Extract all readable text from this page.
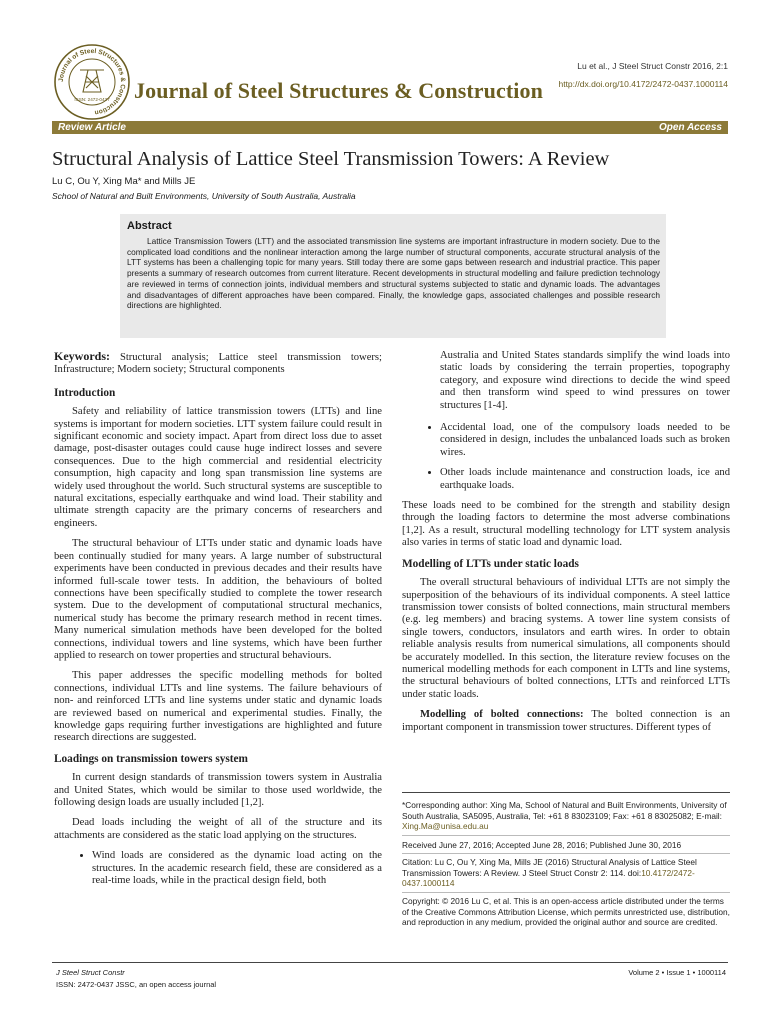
Journal of Steel Structures & Construction
ISSN: 2472-0437 Journal of Steel Structures & Construction
Lu et al., J Steel Struct Constr 2016, 2:1
http://dx.doi.org/10.4172/2472-0437.1000114
Review Article	Open Access
Structural Analysis of Lattice Steel Transmission Towers: A Review
Lu C, Ou Y, Xing Ma* and Mills JE
School of Natural and Built Environments, University of South Australia, Australia
Abstract

Lattice Transmission Towers (LTT) and the associated transmission line systems are important infrastructure in modern society. Due to the complicated load conditions and the nonlinear interaction among the large number of structural components, accurate structural analysis of the LTT systems has been a challenging topic for many years. Still today there are some gaps between research and industrial practice. This paper presents a summary of research outcomes from current literature. Recent developments in structural modelling and failure prediction technology are reviewed in terms of connection joints, individual members and structural systems subjected to static and dynamic loads. The advantages and disadvantages of different approaches have been compared. Finally, the knowledge gaps, associated challenges and possible research directions are highlighted.

Keywords: Structural analysis; Lattice steel transmission towers; Infrastructure; Modern society; Structural components

Introduction

Safety and reliability of lattice transmission towers (LTTs) and line systems is important for modern societies. LTT system failure could result in significant economic and society impact. Apart from direct loss due to asset damage, post-disaster outages could cause huge indirect losses and severe consequences. Due to the high commercial and residential electricity consumption, high capacity and long span transmission line systems are widely used throughout the world. Such structural systems are susceptible to natural excitations, especially earthquake and wind load. Their stability and ultimate strength capacity are the primary concerns of researchers and engineers.

The structural behaviour of LTTs under static and dynamic loads have been continually studied for many years. A large number of substructural experiments have been conducted in previous decades and their results have informed full-scale tower tests. In addition, the behaviours of bolted connections have been specifically studied to complete the tower research system. Due to the development of computational structural mechanics, numerical study has become the primary research method in recent times. Many numerical simulation methods have been developed for the bolted connections, individual towers and line systems, which have been further applied to research on tower properties and structural behaviours.

This paper addresses the specific modelling methods for bolted connections, individual LTTs and line systems. The failure behaviours of non- and reinforced LTTs and line systems under static and dynamic loads are reviewed based on numerical and experimental studies. Finally, the knowledge gaps requiring further investigations are highlighted and future research directions are suggested.

Loadings on transmission towers system

In current design standards of transmission towers system in Australia and United States, which would be similar to those used worldwide, the following design loads are usually included [1,2].

Dead loads including the weight of all of the structure and its attachments are considered as the static load applying on the structures.

• Wind loads are considered as the dynamic load acting on the structures. In the academic research field, these are considered as a real-time loads, while in the practical design field, both
Australia and United States standards simplify the wind loads into static loads by considering the terrain properties, topography category, and exposure wind directions to decide the wind speed and then transform wind speed to wind pressures on tower structures [1-4].
• Accidental load, one of the compulsory loads needed to be considered in design, includes the unbalanced loads such as broken wires.
• Other loads include maintenance and construction loads, ice and earthquake loads.

These loads need to be combined for the strength and stability design through the loading factors to determine the most adverse combinations [1,2]. As a result, structural modelling technology for LTT system analysis also varies in terms of static load and dynamic load.

Modelling of LTTs under static loads

The overall structural behaviours of individual LTTs are not simply the superposition of the behaviours of its individual components. A steel lattice transmission tower consists of bolted connections, main structural members (e.g. leg members) and bracing systems. A tower line system consists of single towers, conductors, insulators and earth wires. In order to obtain reliable analysis results from numerical simulations, all components should be accurately modelled. In this section, the literature review focuses on the numerical modelling methods for each component in LTTs and line systems, the structural behaviours of bolted connections, LTTs and reinforced LTTs under static loads.

Modelling of bolted connections: The bolted connection is an important component in transmission tower structures. Different types of

*Corresponding author: Xing Ma, School of Natural and Built Environments, University of South Australia, SA5095, Australia, Tel: +61 8 83023109; Fax: +61 8 83025082; E-mail: Xing.Ma@unisa.edu.au
Received June 27, 2016; Accepted June 28, 2016; Published June 30, 2016
Citation: Lu C, Ou Y, Xing Ma, Mills JE (2016) Structural Analysis of Lattice Steel Transmission Towers: A Review. J Steel Struct Constr 2: 114. doi:10.4172/2472-0437.1000114
Copyright: © 2016 Lu C, et al. This is an open-access article distributed under the terms of the Creative Commons Attribution License, which permits unrestricted use, distribution, and reproduction in any medium, provided the original author and source are credited.
J Steel Struct Constr
ISSN: 2472-0437 JSSC, an open access journal
Volume 2 • Issue 1 • 1000114
